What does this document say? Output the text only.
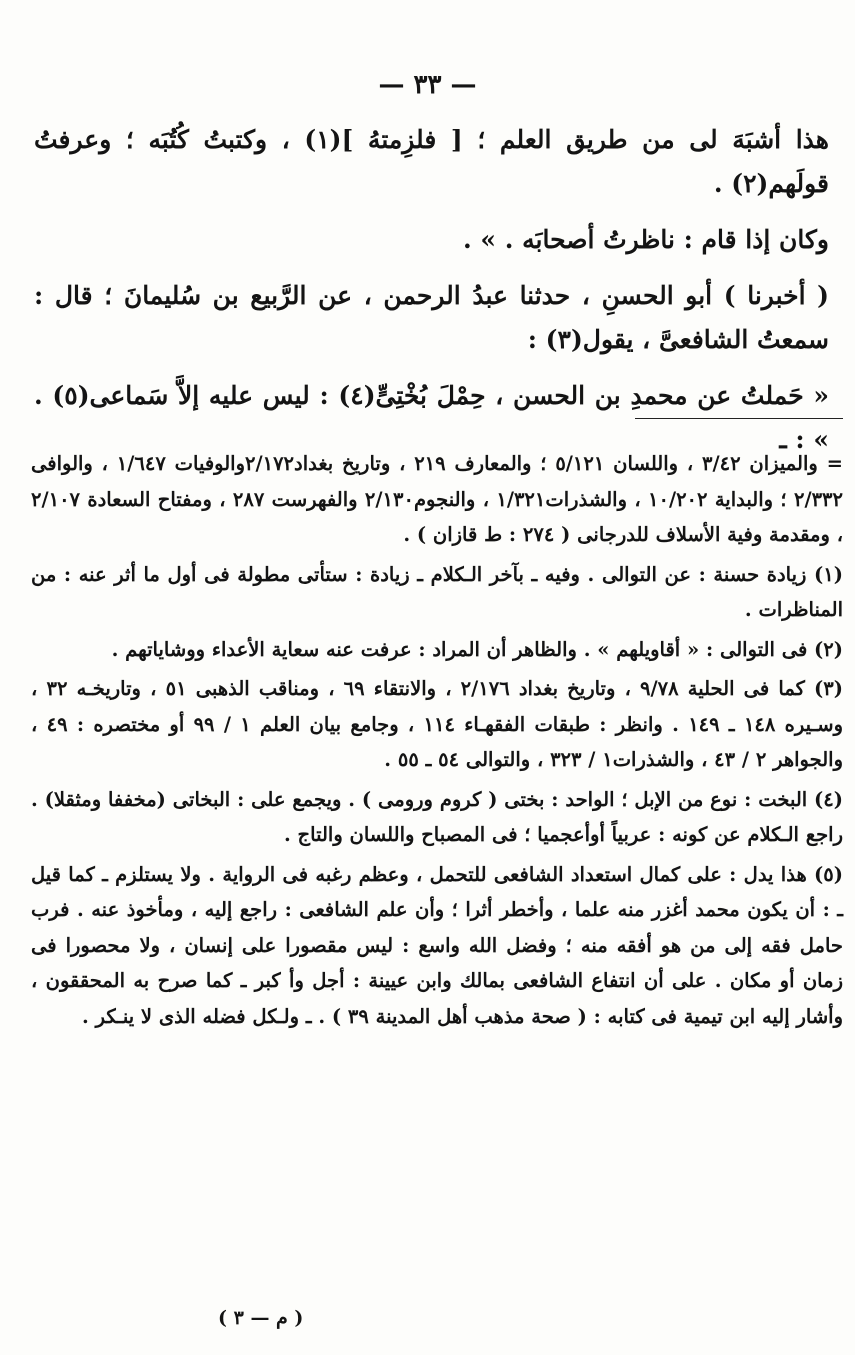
— ٣٣ —

هذا أشبَهَ لى من طريق العلم ؛ [ فلزِمتهُ ](١) ، وكتبتُ كُتُبَه ؛ وعرفتُ قولَهم(٢) .

وكان إذا قام : ناظرتُ أصحابَه . » .

( أخبرنا ) أبو الحسنِ ، حدثنا عبدُ الرحمن ، عن الرَّبيع بن سُليمانَ ؛ قال : سمعتُ الشافعىَّ ، يقول(٣) :

« حَملتُ عن محمدِ بن الحسن ، حِمْلَ بُخْتِىٍّ(٤) : ليس عليه إلاَّ سَماعى(٥) . » : ـ

= والميزان ٣/٤٢ ، واللسان ٥/١٢١ ؛ والمعارف ٢١٩ ، وتاريخ بغداد٢/١٧٢والوفيات ١/٦٤٧ ، والوافى ٢/٣٣٢ ؛ والبداية ١٠/٢٠٢ ، والشذرات١/٣٢١ ، والنجوم٢/١٣٠ والفهرست ٢٨٧ ، ومفتاح السعادة ٢/١٠٧ ، ومقدمة وفية الأسلاف للدرجانى ( ٢٧٤ : ط قازان ) .

(١) زيادة حسنة : عن التوالى . وفيه ـ بآخر الـكلام ـ زيادة : ستأتى مطولة فى أول ما أثر عنه : من المناظرات .

(٢) فى التوالى : « أقاويلهم » . والظاهر أن المراد : عرفت عنه سعاية الأعداء ووشاياتهم .

(٣) كما فى الحلية ٩/٧٨ ، وتاريخ بغداد ٢/١٧٦ ، والانتقاء ٦٩ ، ومناقب الذهبى ٥١ ، وتاريخـه ٣٢ ، وسـيره ١٤٨ ـ ١٤٩ . وانظر : طبقات الفقهـاء ١١٤ ، وجامع بيان العلم ١ / ٩٩ أو مختصره : ٤٩ ، والجواهر ٢ / ٤٣ ، والشذرات١ / ٣٢٣ ، والتوالى ٥٤ ـ ٥٥ .

(٤) البخت : نوع من الإبل ؛ الواحد : بختى ( كروم ورومى ) . ويجمع على : البخاتى (مخففا ومثقلا) . راجع الـكلام عن كونه : عربياً أوأعجميا ؛ فى المصباح واللسان والتاج .

(٥) هذا يدل : على كمال استعداد الشافعى للتحمل ، وعظم رغبه فى الرواية . ولا يستلزم ـ كما قيل ـ : أن يكون محمد أغزر منه علما ، وأخطر أثرا ؛ وأن علم الشافعى : راجع إليه ، ومأخوذ عنه . فرب حامل فقه إلى من هو أفقه منه ؛ وفضل الله واسع : ليس مقصورا على إنسان ، ولا محصورا فى زمان أو مكان . على أن انتفاع الشافعى بمالك وابن عيينة : أجل وأ كبر ـ كما صرح به المحققون ، وأشار إليه ابن تيمية فى كتابه : ( صحة مذهب أهل المدينة ٣٩ ) . ـ ولـكل فضله الذى لا ينـكر .

( م — ٣ )
